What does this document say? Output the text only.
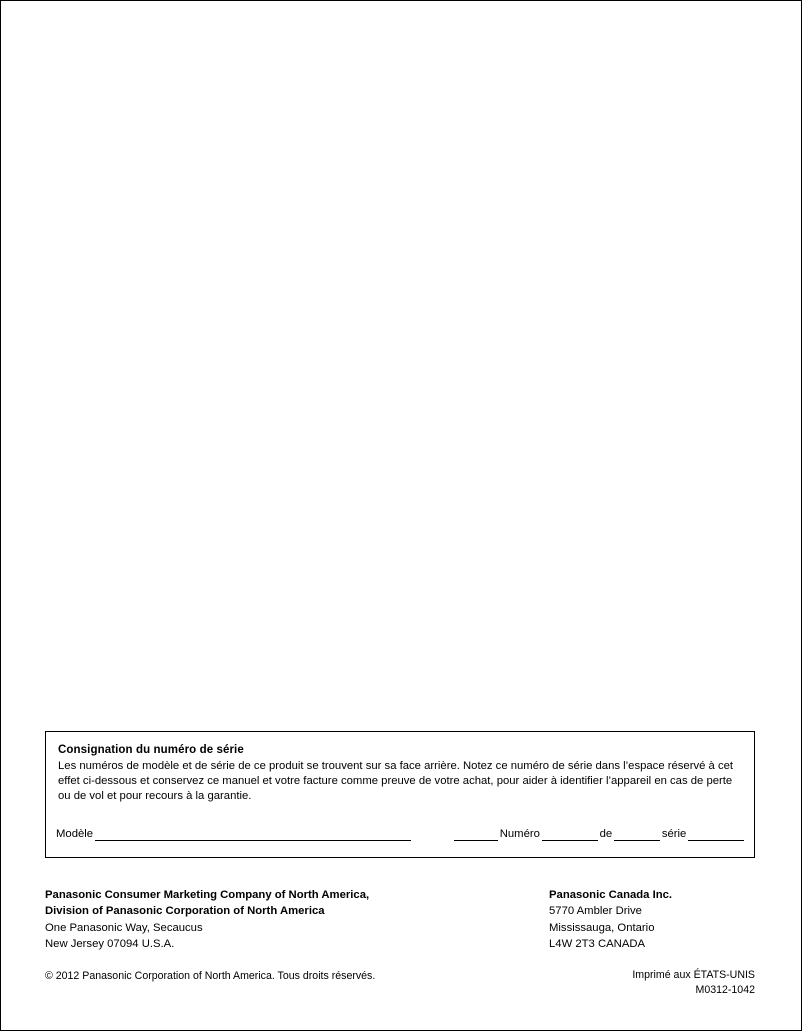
Consignation du numéro de série
Les numéros de modèle et de série de ce produit se trouvent sur sa face arrière. Notez ce numéro de série dans l’espace réservé à cet effet ci-dessous et conservez ce manuel et votre facture comme preuve de votre achat, pour aider à identifier l’appareil en cas de perte ou de vol et pour recours à la garantie.
Modèle	Numéro	de	série
Panasonic Consumer Marketing Company of North America,
Division of Panasonic Corporation of North America
One Panasonic Way, Secaucus
New Jersey 07094 U.S.A.
Panasonic Canada Inc.
5770 Ambler Drive
Mississauga, Ontario
L4W 2T3 CANADA
© 2012 Panasonic Corporation of North America. Tous droits réservés.	Imprimé aux ÉTATS-UNIS
M0312-1042
